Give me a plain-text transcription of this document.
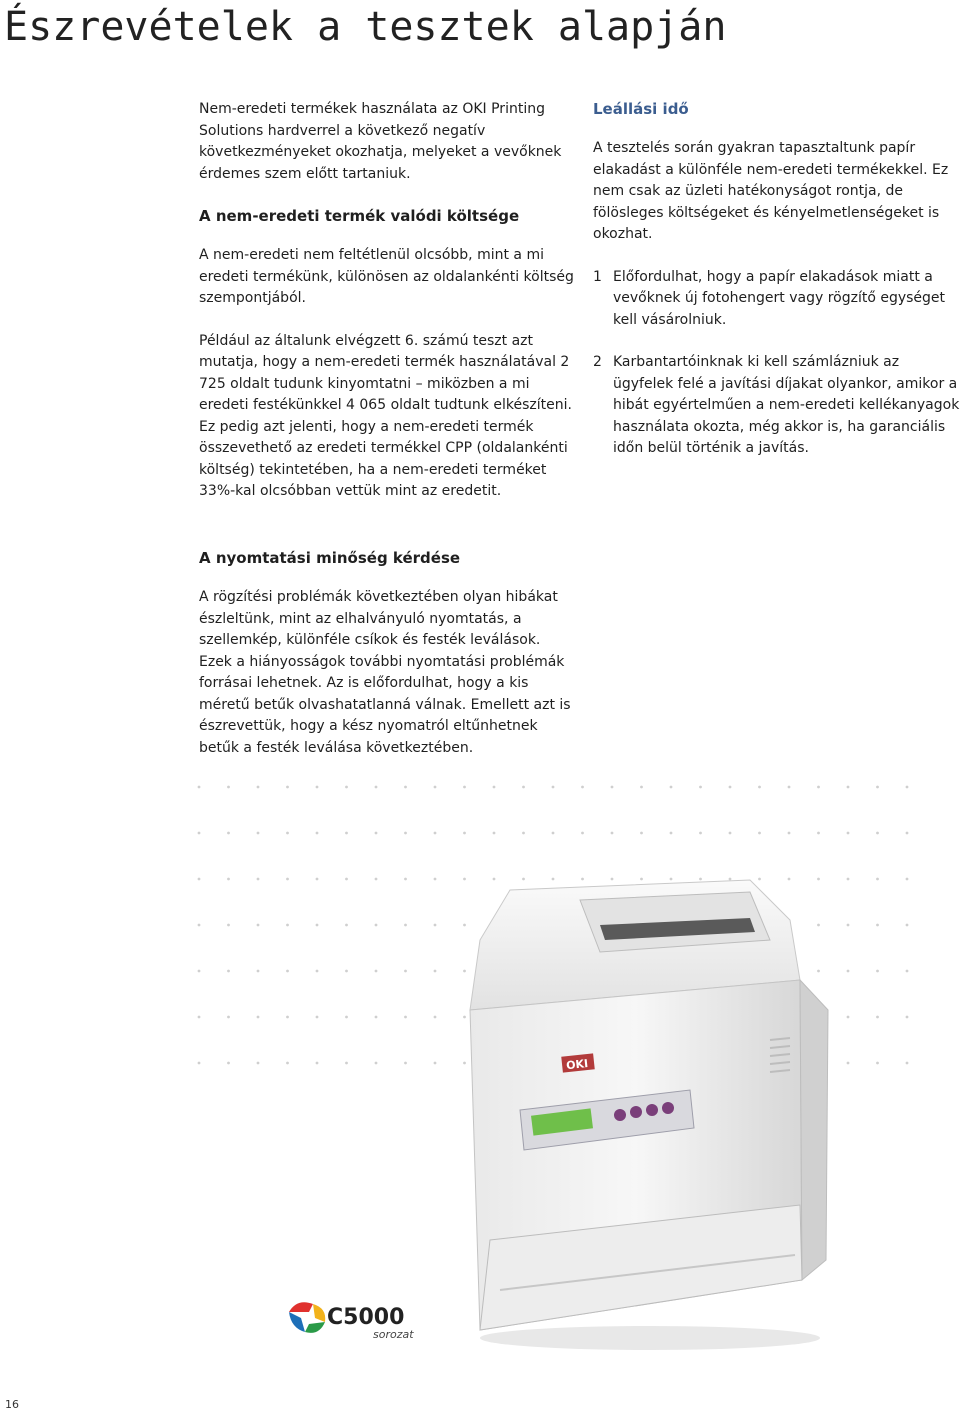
Észrevételek a tesztek alapján

Nem-eredeti termékek használata az OKI Printing Solutions hardverrel a következő negatív következményeket okozhatja, melyeket a vevőknek érdemes szem előtt tartaniuk.

A nem-eredeti termék valódi költsége

A nem-eredeti nem feltétlenül olcsóbb, mint a mi eredeti termékünk, különösen az oldalankénti költség szempontjából.

Például az általunk elvégzett 6. számú teszt azt mutatja, hogy a nem-eredeti termék használatával 2 725 oldalt tudunk kinyomtatni – miközben a mi eredeti festékünkkel 4 065 oldalt tudtunk elkészíteni. Ez pedig azt jelenti, hogy a nem-eredeti termék összevethető az eredeti termékkel CPP (oldalankénti költség) tekintetében, ha a nem-eredeti terméket 33%-kal olcsóbban vettük mint az eredetit.

Leállási idő

A tesztelés során gyakran tapasztaltunk papír elakadást a különféle nem-eredeti termékekkel. Ez nem csak az üzleti hatékonyságot rontja, de fölösleges költségeket és kényelmetlenségeket is okozhat.

1 Előfordulhat, hogy a papír elakadások miatt a vevőknek új fotohengert vagy rögzítő egységet kell vásárolniuk.
2 Karbantartóinknak ki kell számlázniuk az ügyfelek felé a javítási díjakat olyankor, amikor a hibát egyértelműen a nem-eredeti kellékanyagok használata okozta, még akkor is, ha garanciális időn belül történik a javítás.
A nyomtatási minőség kérdése

A rögzítési problémák következtében olyan hibákat észleltünk, mint az elhalványuló nyomtatás, a szellemkép, különféle csíkok és festék leválások. Ezek a hiányosságok további nyomtatási problémák forrásai lehetnek. Az is előfordulhat, hogy a kis méretű betűk olvashatatlanná válnak. Emellett azt is észrevettük, hogy a kész nyomatról eltűnhetnek betűk a festék leválása következtében.

OKI
C5000
sorozat
16
